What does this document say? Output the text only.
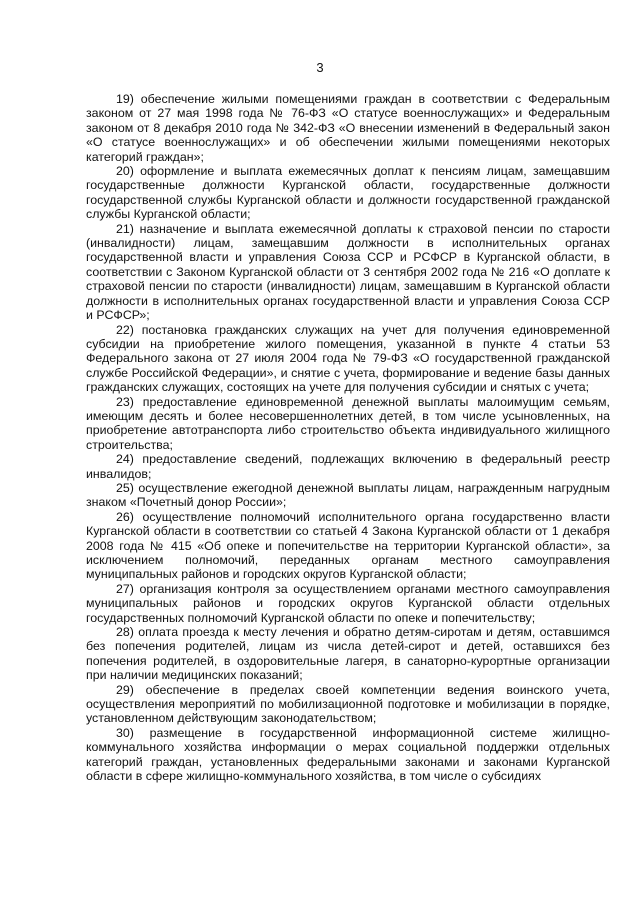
3

19) обеспечение жилыми помещениями граждан в соответствии с Федеральным законом от 27 мая 1998 года № 76-ФЗ «О статусе военнослужащих» и Федеральным законом от 8 декабря 2010 года № 342-ФЗ «О внесении изменений в Федеральный закон «О статусе военнослужащих» и об обеспечении жилыми помещениями некоторых категорий граждан»;

20) оформление и выплата ежемесячных доплат к пенсиям лицам, замещавшим государственные должности Курганской области, государственные должности государственной службы Курганской области и должности государственной гражданской службы Курганской области;

21) назначение и выплата ежемесячной доплаты к страховой пенсии по старости (инвалидности) лицам, замещавшим должности в исполнительных органах государственной власти и управления Союза ССР и РСФСР в Курганской области, в соответствии с Законом Курганской области от 3 сентября 2002 года № 216 «О доплате к страховой пенсии по старости (инвалидности) лицам, замещавшим в Курганской области должности в исполнительных органах государственной власти и управления Союза ССР и РСФСР»;

22) постановка гражданских служащих на учет для получения единовременной субсидии на приобретение жилого помещения, указанной в пункте 4 статьи 53 Федерального закона от 27 июля 2004 года № 79-ФЗ «О государственной гражданской службе Российской Федерации», и снятие с учета, формирование и ведение базы данных гражданских служащих, состоящих на учете для получения субсидии и снятых с учета;

23) предоставление единовременной денежной выплаты малоимущим семьям, имеющим десять и более несовершеннолетних детей, в том числе усыновленных, на приобретение автотранспорта либо строительство объекта индивидуального жилищного строительства;

24) предоставление сведений, подлежащих включению в федеральный реестр инвалидов;

25) осуществление ежегодной денежной выплаты лицам, награжденным нагрудным знаком «Почетный донор России»;

26) осуществление полномочий исполнительного органа государственно власти Курганской области в соответствии со статьей 4 Закона Курганской области от 1 декабря 2008 года № 415 «Об опеке и попечительстве на территории Курганской области», за исключением полномочий, переданных органам местного самоуправления муниципальных районов и городских округов Курганской области;

27) организация контроля за осуществлением органами местного самоуправления муниципальных районов и городских округов Курганской области отдельных государственных полномочий Курганской области по опеке и попечительству;

28) оплата проезда к месту лечения и обратно детям-сиротам и детям, оставшимся без попечения родителей, лицам из числа детей-сирот и детей, оставшихся без попечения родителей, в оздоровительные лагеря, в санаторно-курортные организации при наличии медицинских показаний;

29) обеспечение в пределах своей компетенции ведения воинского учета, осуществления мероприятий по мобилизационной подготовке и мобилизации в порядке, установленном действующим законодательством;

30) размещение в государственной информационной системе жилищно-коммунального хозяйства информации о мерах социальной поддержки отдельных категорий граждан, установленных федеральными законами и законами Курганской области в сфере жилищно-коммунального хозяйства, в том числе о субсидиях
